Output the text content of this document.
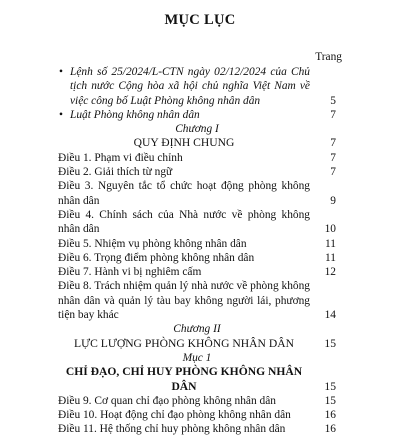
MỤC LỤC
Trang
• Lệnh số 25/2024/L-CTN ngày 02/12/2024 của Chủ tịch nước Cộng hòa xã hội chủ nghĩa Việt Nam về việc công bố Luật Phòng không nhân dân	5
• Luật Phòng không nhân dân	7
Chương I
QUY ĐỊNH CHUNG	7
Điều 1. Phạm vi điều chỉnh	7
Điều 2. Giải thích từ ngữ	7
Điều 3. Nguyên tắc tổ chức hoạt động phòng không nhân dân	9
Điều 4. Chính sách của Nhà nước về phòng không nhân dân	10
Điều 5. Nhiệm vụ phòng không nhân dân	11
Điều 6. Trọng điểm phòng không nhân dân	11
Điều 7. Hành vi bị nghiêm cấm	12
Điều 8. Trách nhiệm quản lý nhà nước về phòng không nhân dân và quản lý tàu bay không người lái, phương tiện bay khác	14
Chương II
LỰC LƯỢNG PHÒNG KHÔNG NHÂN DÂN	15
Mục 1
CHỈ ĐẠO, CHỈ HUY PHÒNG KHÔNG NHÂN DÂN	15
Điều 9. Cơ quan chỉ đạo phòng không nhân dân	15
Điều 10. Hoạt động chỉ đạo phòng không nhân dân	16
Điều 11. Hệ thống chỉ huy phòng không nhân dân	16
